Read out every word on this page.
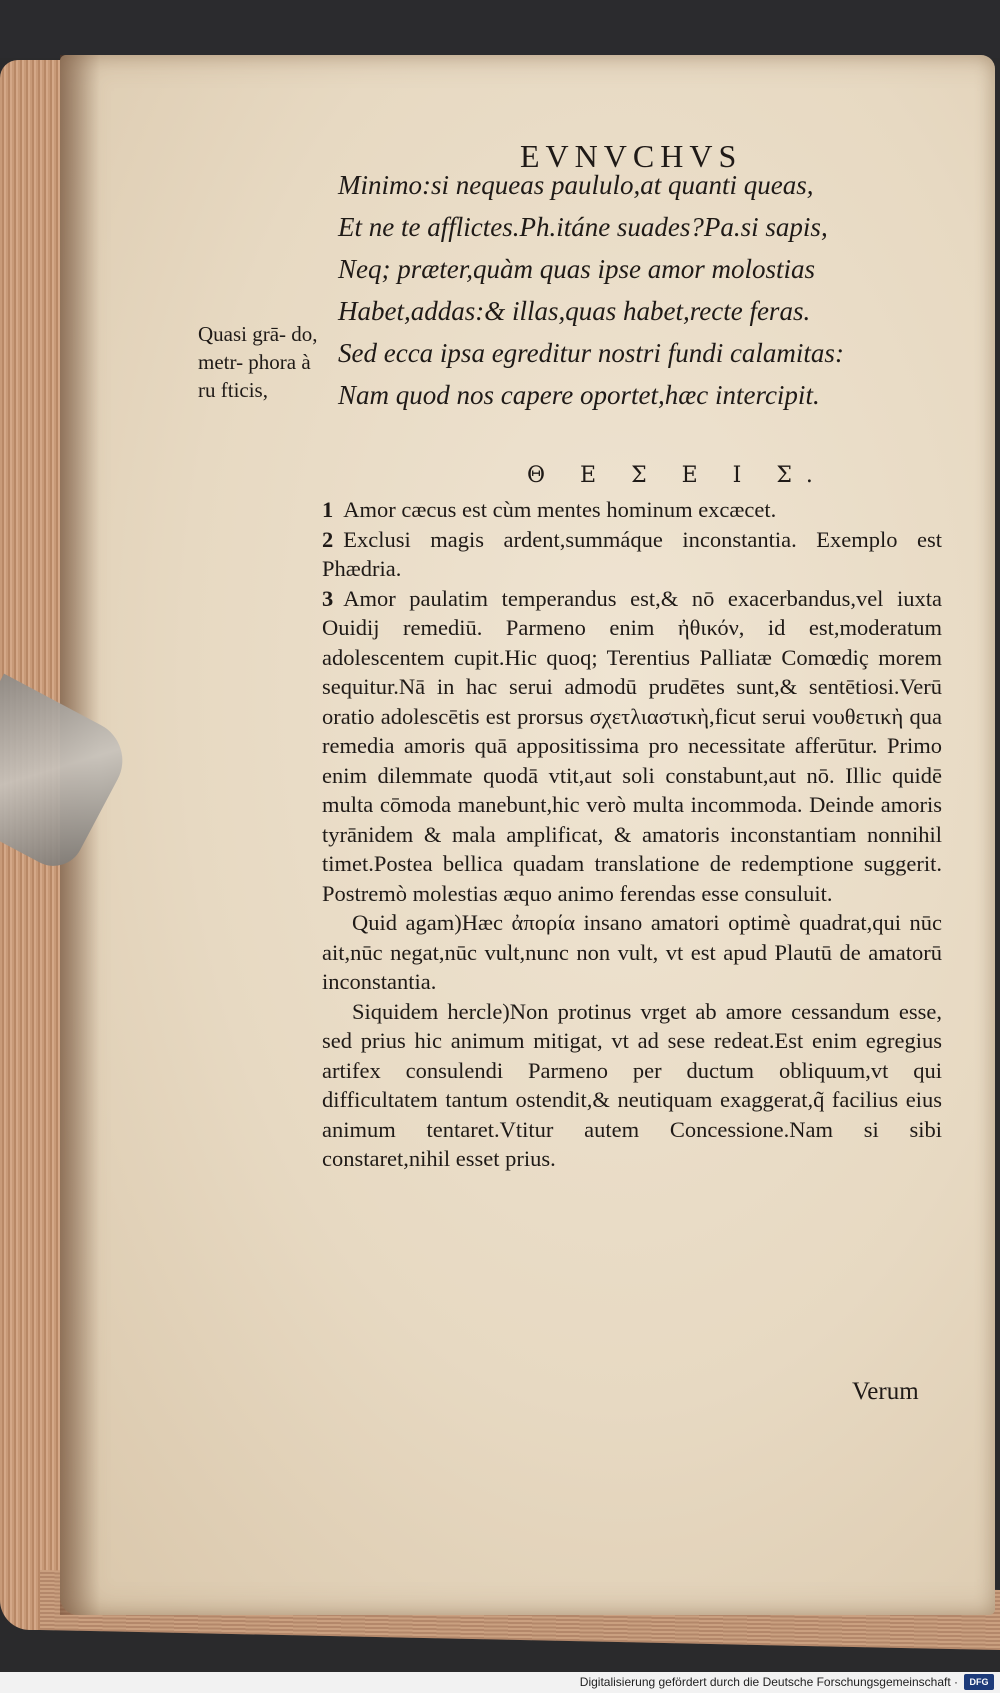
EVNVCHVS
Minimo:si nequeas paululo,at quanti queas,
Et ne te afflictes.Ph.itáne suades?Pa.si sapis,
Neq; præter,quàm quas ipse amor molostias
Habet,addas:& illas,quas habet,recte feras.
Sed ecca ipsa egreditur nostri fundi calamitas:
Nam quod nos capere oportet,hæc intercipit.
Quasi grā- do, metr- phora à ru fticis,
Θ Ε Σ Ε Ι Σ.

1 Amor cæcus est cùm mentes hominum excæcet.

2 Exclusi magis ardent,summáque inconstantia. Exemplo est Phædria.

3 Amor paulatim temperandus est,& nō exacerbandus,vel iuxta Ouidij remediū. Parmeno enim ἠθικόν, id est,moderatum adolescentem cupit.Hic quoq; Terentius Palliatæ Comœdiç morem sequitur.Nā in hac serui admodū prudētes sunt,& sentētiosi.Verū oratio adolescētis est prorsus σχετλιαστικὴ,ficut serui νουθετικὴ qua remedia amoris quā appositissima pro necessitate afferūtur. Primo enim dilemmate quodā vtit,aut soli constabunt,aut nō. Illic quidē multa cōmoda manebunt,hic verò multa incommoda. Deinde amoris tyrānidem & mala amplificat, & amatoris inconstantiam nonnihil timet.Postea bellica quadam translatione de redemptione suggerit. Postremò molestias æquo animo ferendas esse consuluit.

Quid agam)Hæc ἀπορία insano amatori optimè quadrat,qui nūc ait,nūc negat,nūc vult,nunc non vult, vt est apud Plautū de amatorū inconstantia.

Siquidem hercle)Non protinus vrget ab amore cessandum esse, sed prius hic animum mitigat, vt ad sese redeat.Est enim egregius artifex consulendi Parmeno per ductum obliquum,vt qui difficultatem tantum ostendit,& neutiquam exaggerat,q̃ facilius eius animum tentaret.Vtitur autem Concessione.Nam si sibi constaret,nihil esset prius.

Verum
Digitalisierung gefördert durch die Deutsche Forschungsgemeinschaft ·	DFG
